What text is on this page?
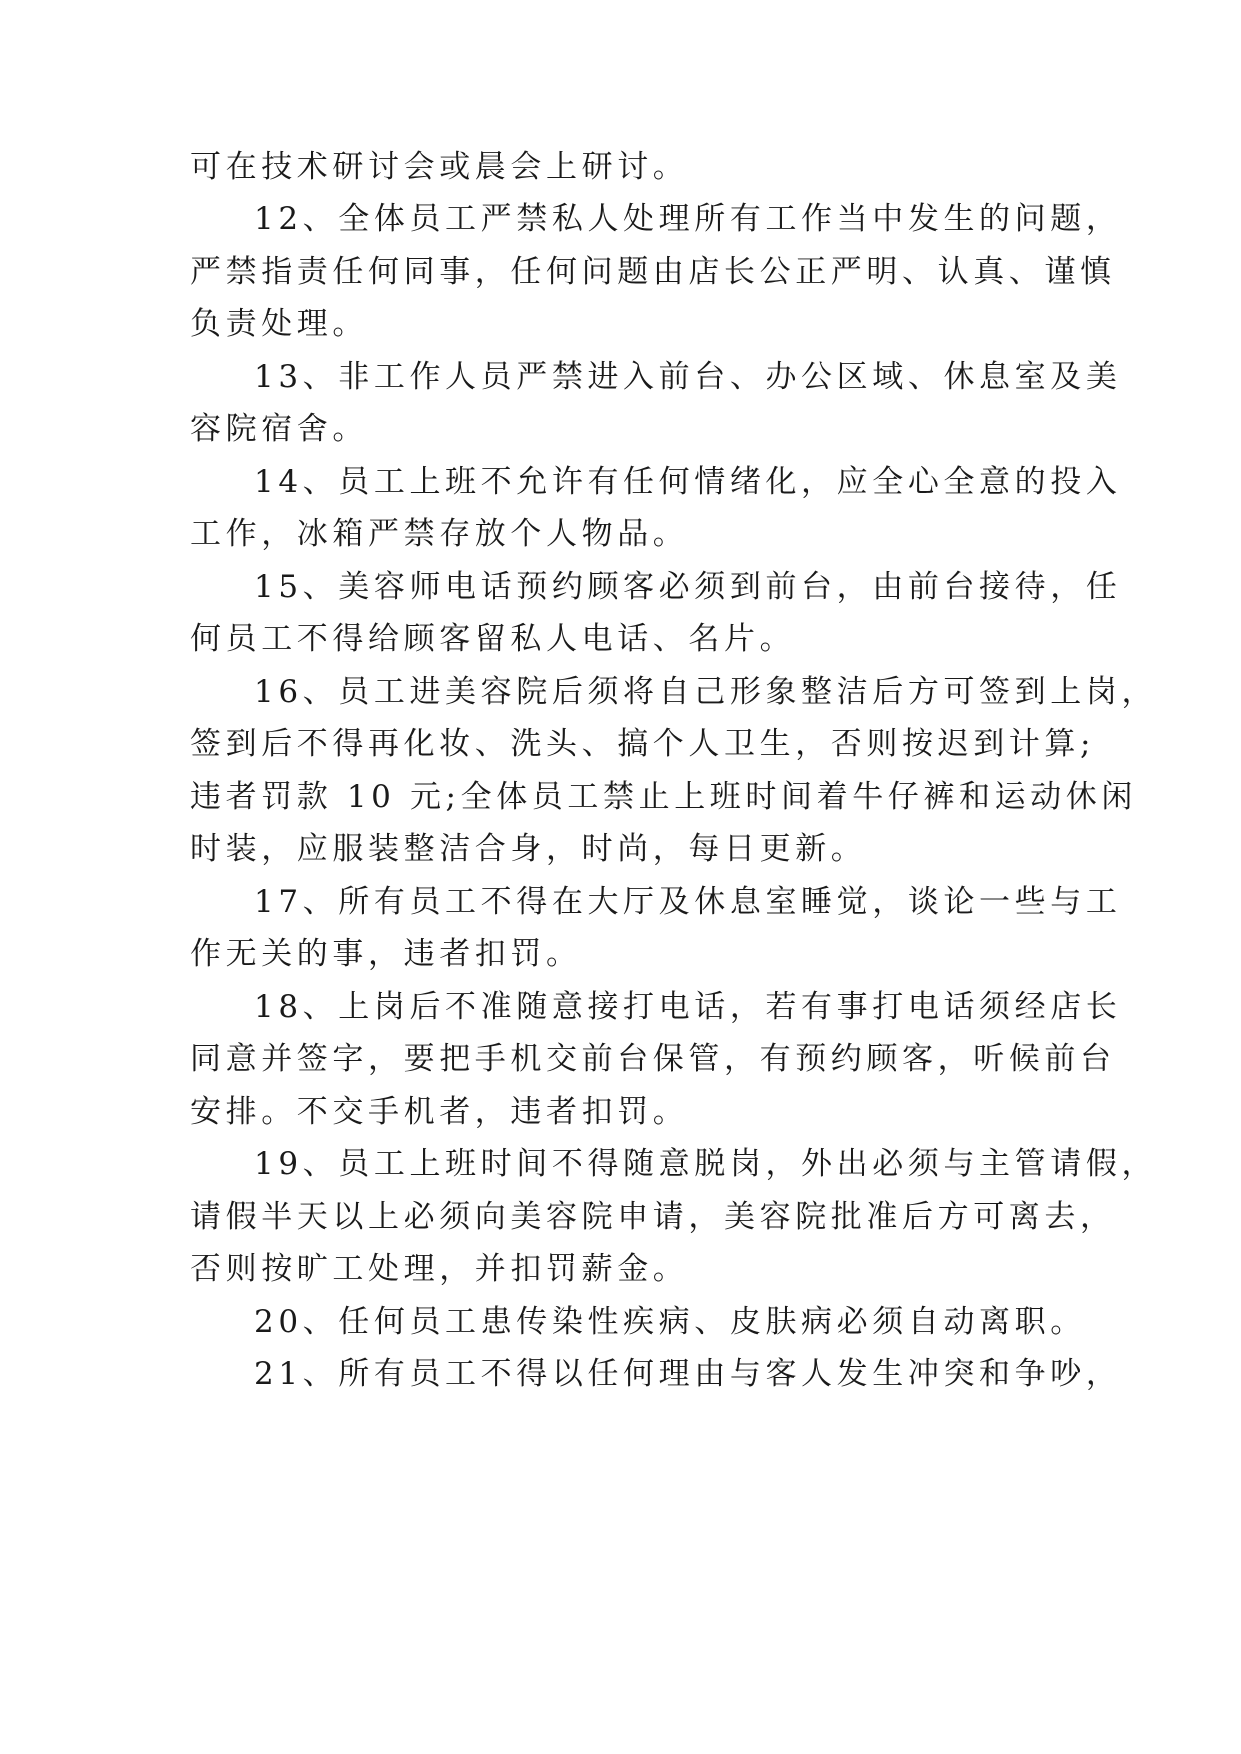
可在技术研讨会或晨会上研讨。
12、全体员工严禁私人处理所有工作当中发生的问题，
严禁指责任何同事，任何问题由店长公正严明、认真、谨慎
负责处理。
13、非工作人员严禁进入前台、办公区域、休息室及美
容院宿舍。
14、员工上班不允许有任何情绪化，应全心全意的投入
工作，冰箱严禁存放个人物品。
15、美容师电话预约顾客必须到前台，由前台接待，任
何员工不得给顾客留私人电话、名片。
16、员工进美容院后须将自己形象整洁后方可签到上岗，
签到后不得再化妆、洗头、搞个人卫生，否则按迟到计算;
违者罚款 10 元;全体员工禁止上班时间着牛仔裤和运动休闲
时装，应服装整洁合身，时尚，每日更新。
17、所有员工不得在大厅及休息室睡觉，谈论一些与工
作无关的事，违者扣罚。
18、上岗后不准随意接打电话，若有事打电话须经店长
同意并签字，要把手机交前台保管，有预约顾客，听候前台
安排。不交手机者，违者扣罚。
19、员工上班时间不得随意脱岗，外出必须与主管请假，
请假半天以上必须向美容院申请，美容院批准后方可离去，
否则按旷工处理，并扣罚薪金。
20、任何员工患传染性疾病、皮肤病必须自动离职。
21、所有员工不得以任何理由与客人发生冲突和争吵，
